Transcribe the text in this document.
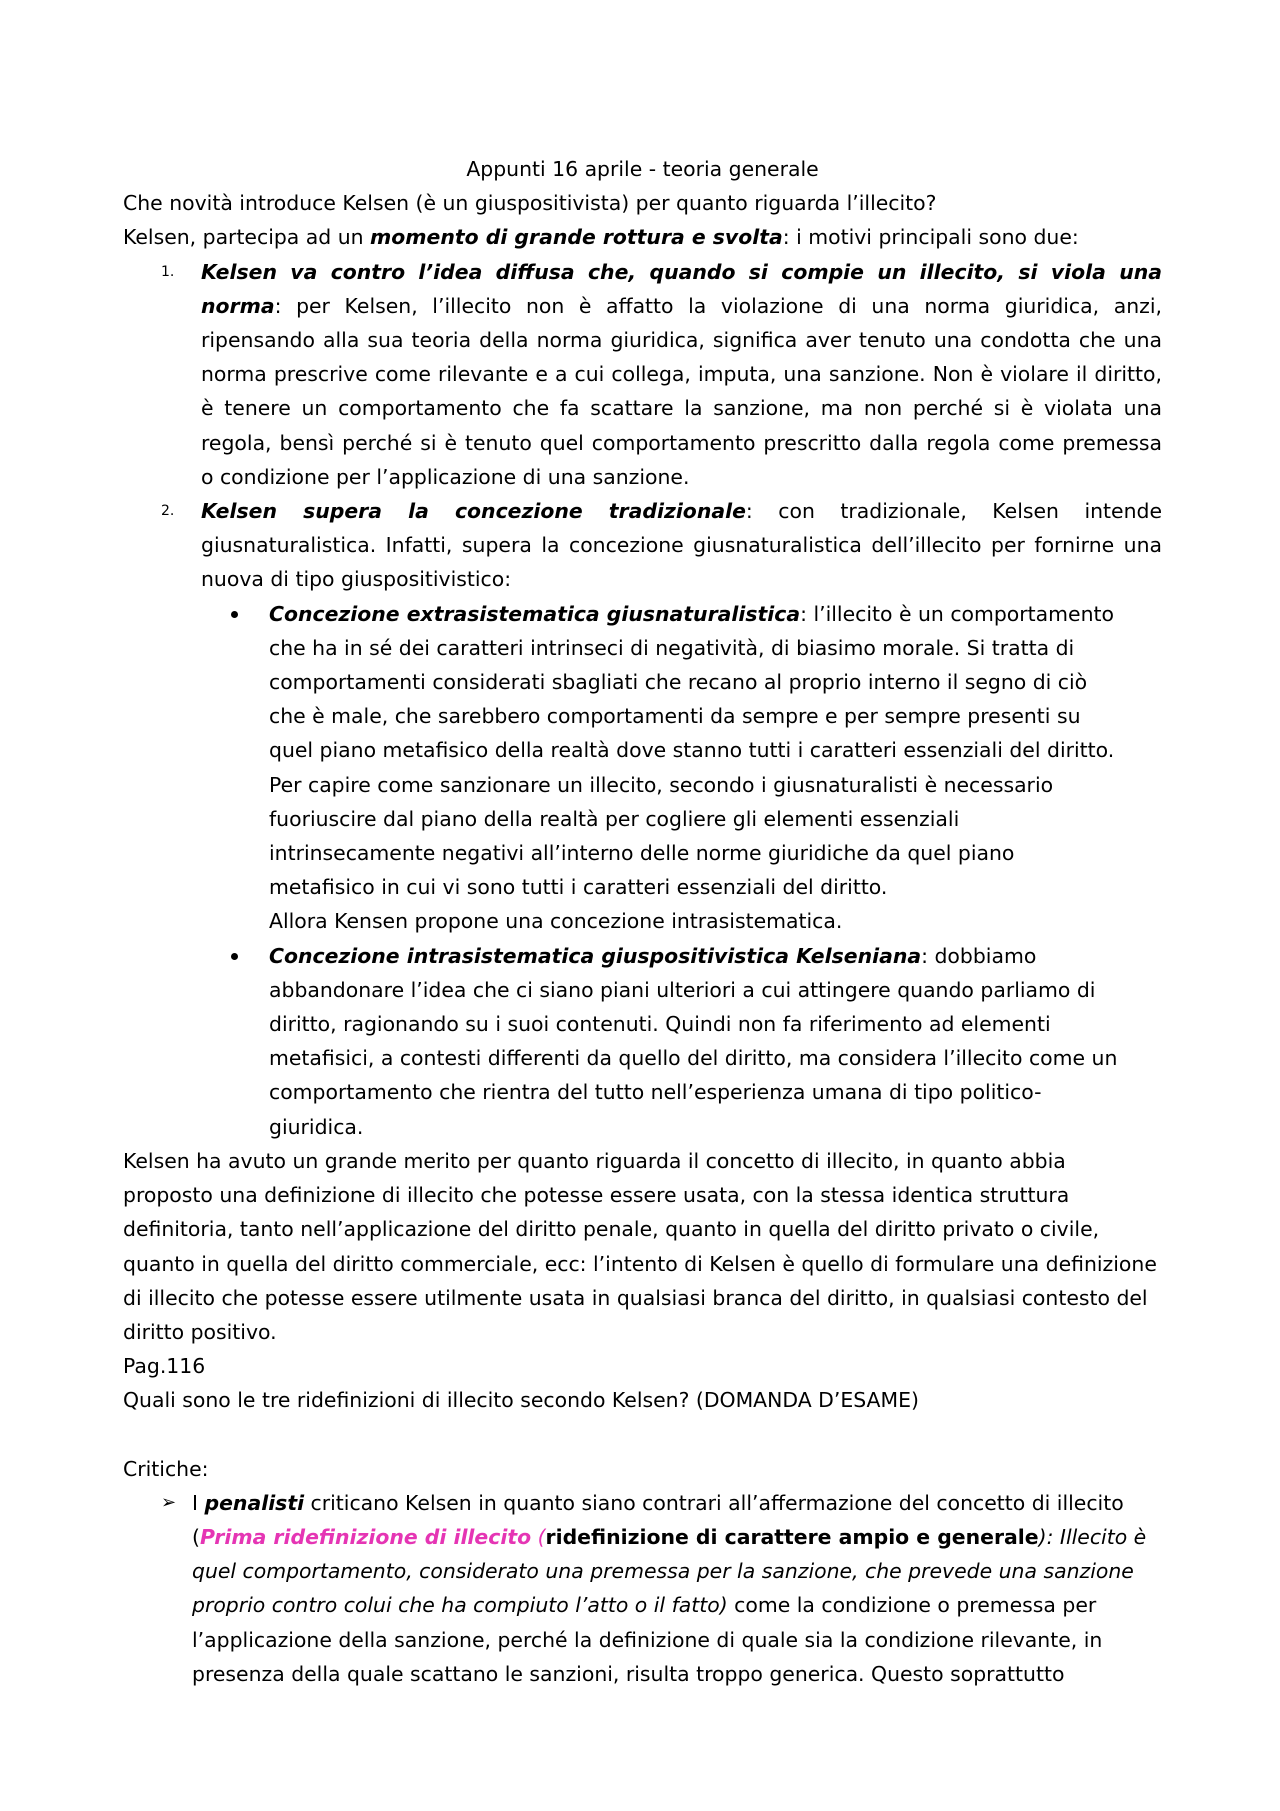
Appunti 16 aprile - teoria generale

Che novità introduce Kelsen (è un giuspositivista) per quanto riguarda l’illecito?

Kelsen, partecipa ad un momento di grande rottura e svolta: i motivi principali sono due:

1. Kelsen va contro l’idea diffusa che, quando si compie un illecito, si viola una norma: per Kelsen, l’illecito non è affatto la violazione di una norma giuridica, anzi, ripensando alla sua teoria della norma giuridica, significa aver tenuto una condotta che una norma prescrive come rilevante e a cui collega, imputa, una sanzione. Non è violare il diritto, è tenere un comportamento che fa scattare la sanzione, ma non perché si è violata una regola, bensì perché si è tenuto quel comportamento prescritto dalla regola come premessa o condizione per l’applicazione di una sanzione.
2. Kelsen supera la concezione tradizionale: con tradizionale, Kelsen intende giusnaturalistica. Infatti, supera la concezione giusnaturalistica dell’illecito per fornirne una nuova di tipo giuspositivistico:
Concezione extrasistematica giusnaturalistica: l’illecito è un comportamento che ha in sé dei caratteri intrinseci di negatività, di biasimo morale. Si tratta di comportamenti considerati sbagliati che recano al proprio interno il segno di ciò che è male, che sarebbero comportamenti da sempre e per sempre presenti su quel piano metafisico della realtà dove stanno tutti i caratteri essenziali del diritto.

Per capire come sanzionare un illecito, secondo i giusnaturalisti è necessario fuoriuscire dal piano della realtà per cogliere gli elementi essenziali intrinsecamente negativi all’interno delle norme giuridiche da quel piano metafisico in cui vi sono tutti i caratteri essenziali del diritto.

Allora Kensen propone una concezione intrasistematica.

Concezione intrasistematica giuspositivistica Kelseniana: dobbiamo abbandonare l’idea che ci siano piani ulteriori a cui attingere quando parliamo di diritto, ragionando su i suoi contenuti. Quindi non fa riferimento ad elementi metafisici, a contesti differenti da quello del diritto, ma considera l’illecito come un comportamento che rientra del tutto nell’esperienza umana di tipo politico-giuridica.

Kelsen ha avuto un grande merito per quanto riguarda il concetto di illecito, in quanto abbia proposto una definizione di illecito che potesse essere usata, con la stessa identica struttura definitoria, tanto nell’applicazione del diritto penale, quanto in quella del diritto privato o civile, quanto in quella del diritto commerciale, ecc: l’intento di Kelsen è quello di formulare una definizione di illecito che potesse essere utilmente usata in qualsiasi branca del diritto, in qualsiasi contesto del diritto positivo.

Pag.116

Quali sono le tre ridefinizioni di illecito secondo Kelsen? (DOMANDA D’ESAME)

Critiche:

➢ I penalisti criticano Kelsen in quanto siano contrari all’affermazione del concetto di illecito (Prima ridefinizione di illecito (ridefinizione di carattere ampio e generale): Illecito è quel comportamento, considerato una premessa per la sanzione, che prevede una sanzione proprio contro colui che ha compiuto l’atto o il fatto) come la condizione o premessa per l’applicazione della sanzione, perché la definizione di quale sia la condizione rilevante, in presenza della quale scattano le sanzioni, risulta troppo generica. Questo soprattutto
